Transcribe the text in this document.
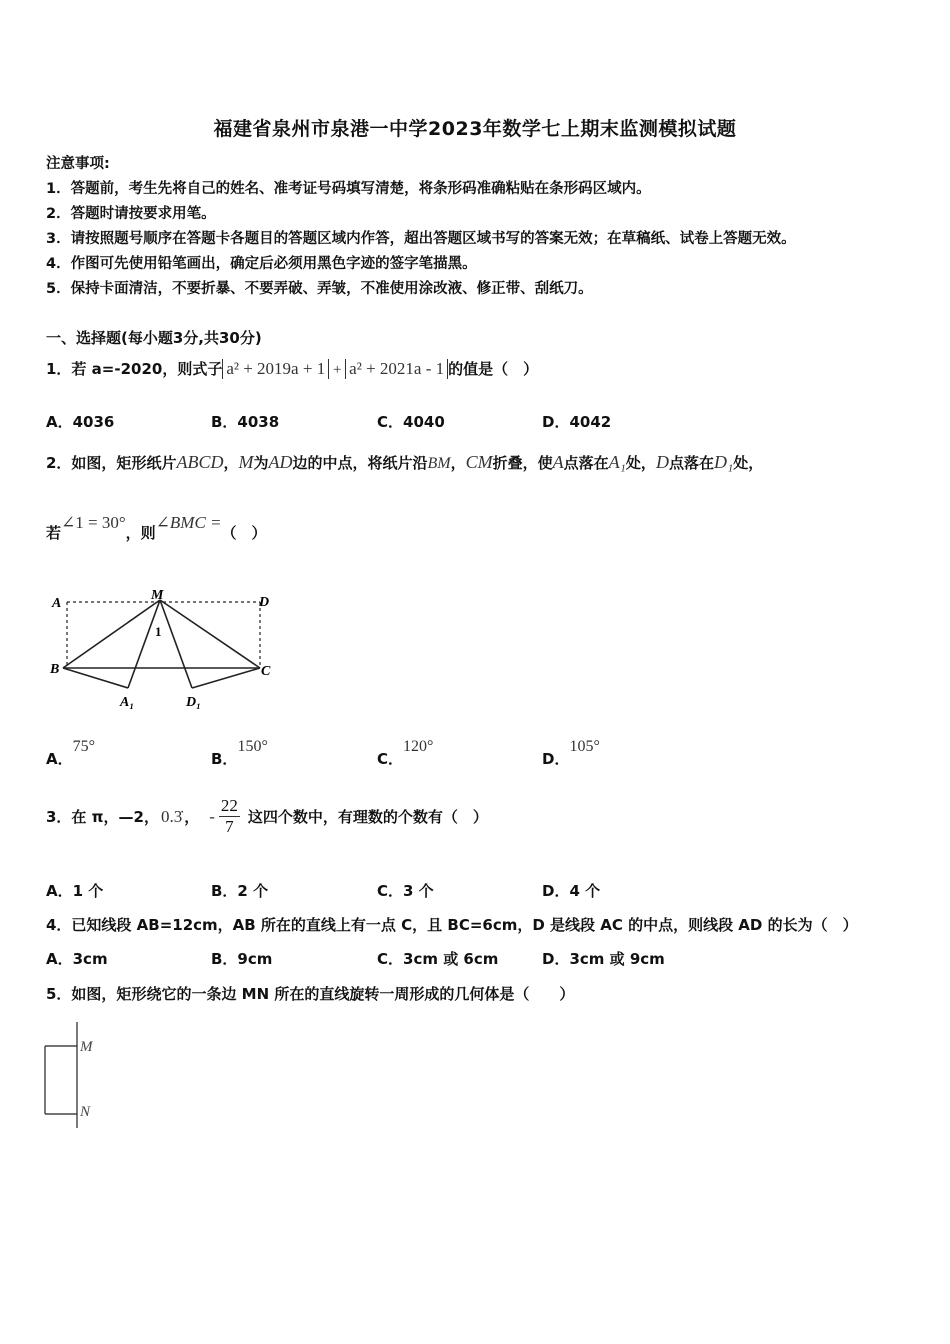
福建省泉州市泉港一中学2023年数学七上期末监测模拟试题
注意事项:
1．答题前，考生先将自己的姓名、准考证号码填写清楚，将条形码准确粘贴在条形码区域内。
2．答题时请按要求用笔。
3．请按照题号顺序在答题卡各题目的答题区域内作答，超出答题区域书写的答案无效；在草稿纸、试卷上答题无效。
4．作图可先使用铅笔画出，确定后必须用黑色字迹的签字笔描黑。
5．保持卡面清洁，不要折暴、不要弄破、弄皱，不准使用涂改液、修正带、刮纸刀。
一、选择题(每小题3分,共30分)
1．若 a=-2020，则式子 a² + 2019a + 1 + a² + 2021a - 1 的值是（　）
A．4036	B．4038	C．4040	D．4042
2．如图，矩形纸片ABCD，M为AD边的中点，将纸片沿BM，CM折叠，使A点落在A₁处，D点落在D₁处，
若∠1 = 30°，则∠BMC =（　）
A
M	D
B	C
A₁	D₁
1
A．75°
B．150°
C．120°
D．105°
3．在 π，—2， 0.3̇ ， - $\frac{22}{7}$ 这四个数中，有理数的个数有（　）
A．1 个	B．2 个	C．3 个	D．4 个
4．已知线段 AB=12cm，AB 所在的直线上有一点 C，且 BC=6cm，D 是线段 AC 的中点，则线段 AD 的长为（　）
A．3cm	B．9cm	C．3cm 或 6cm	D．3cm 或 9cm
5．如图，矩形绕它的一条边 MN 所在的直线旋转一周形成的几何体是（　　）
M
N
